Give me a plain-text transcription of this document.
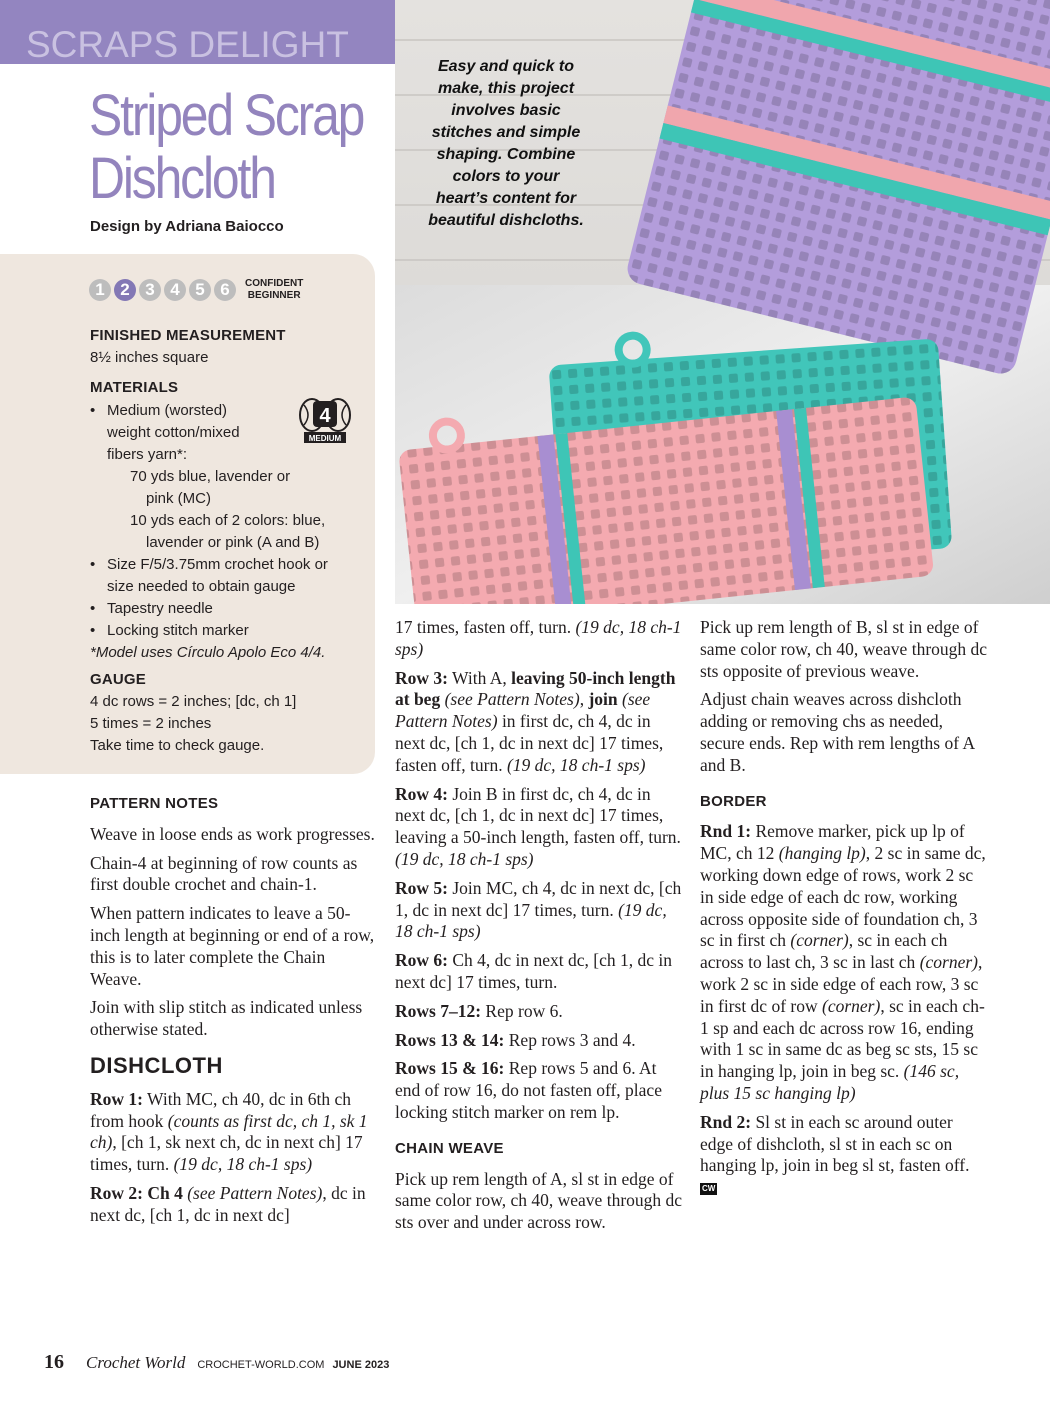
SCRAPS DELIGHT
Striped Scrap
Dishcloth
Design by Adriana Baiocco
1 2 3 4 5 6	CONFIDENT
BEGINNER
FINISHED MEASUREMENT
8½ inches square
MATERIALS
• Medium (worsted)
weight cotton/mixed
fibers yarn*:
70 yds blue, lavender or
pink (MC)
10 yds each of 2 colors: blue,
lavender or pink (A and B)
• Size F/5/3.75mm crochet hook or
size needed to obtain gauge
• Tapestry needle
• Locking stitch marker
*Model uses Círculo Apolo Eco 4/4.
4
MEDIUM
GAUGE
4 dc rows = 2 inches; [dc, ch 1]
5 times = 2 inches
Take time to check gauge.
Easy and quick to make, this project involves basic stitches and simple shaping. Combine colors to your heart’s content for beautiful dishcloths.
PATTERN NOTES

Weave in loose ends as work progresses.

Chain-4 at beginning of row counts as first double crochet and chain-1.

When pattern indicates to leave a 50-inch length at beginning or end of a row, this is to later complete the Chain Weave.

Join with slip stitch as indicated unless otherwise stated.

DISHCLOTH

Row 1: With MC, ch 40, dc in 6th ch from hook (counts as first dc, ch 1, sk 1 ch), [ch 1, sk next ch, dc in next ch] 17 times, turn. (19 dc, 18 ch-1 sps)

Row 2: Ch 4 (see Pattern Notes), dc in next dc, [ch 1, dc in next dc]

17 times, fasten off, turn. (19 dc, 18 ch-1 sps)

Row 3: With A, leaving 50-inch length at beg (see Pattern Notes), join (see Pattern Notes) in first dc, ch 4, dc in next dc, [ch 1, dc in next dc] 17 times, fasten off, turn. (19 dc, 18 ch-1 sps)

Row 4: Join B in first dc, ch 4, dc in next dc, [ch 1, dc in next dc] 17 times, leaving a 50-inch length, fasten off, turn. (19 dc, 18 ch-1 sps)

Row 5: Join MC, ch 4, dc in next dc, [ch 1, dc in next dc] 17 times, turn. (19 dc, 18 ch-1 sps)

Row 6: Ch 4, dc in next dc, [ch 1, dc in next dc] 17 times, turn.

Rows 7–12: Rep row 6.

Rows 13 & 14: Rep rows 3 and 4.

Rows 15 & 16: Rep rows 5 and 6. At end of row 16, do not fasten off, place locking stitch marker on rem lp.

CHAIN WEAVE

Pick up rem length of A, sl st in edge of same color row, ch 40, weave through dc sts over and under across row.

Pick up rem length of B, sl st in edge of same color row, ch 40, weave through dc sts opposite of previous weave.

Adjust chain weaves across dishcloth adding or removing chs as needed, secure ends. Rep with rem lengths of A and B.

BORDER

Rnd 1: Remove marker, pick up lp of MC, ch 12 (hanging lp), 2 sc in same dc, working down edge of rows, work 2 sc in side edge of each dc row, working across opposite side of foundation ch, 3 sc in first ch (corner), sc in each ch across to last ch, 3 sc in last ch (corner), work 2 sc in side edge of each row, 3 sc in first dc of row (corner), sc in each ch-1 sp and each dc across row 16, ending with 1 sc in same dc as beg sc sts, 15 sc in hanging lp, join in beg sc. (146 sc, plus 15 sc hanging lp)

Rnd 2: Sl st in each sc around outer edge of dishcloth, sl st in each sc on hanging lp, join in beg sl st, fasten off. CW

16 Crochet World CROCHET-WORLD.COM JUNE 2023
